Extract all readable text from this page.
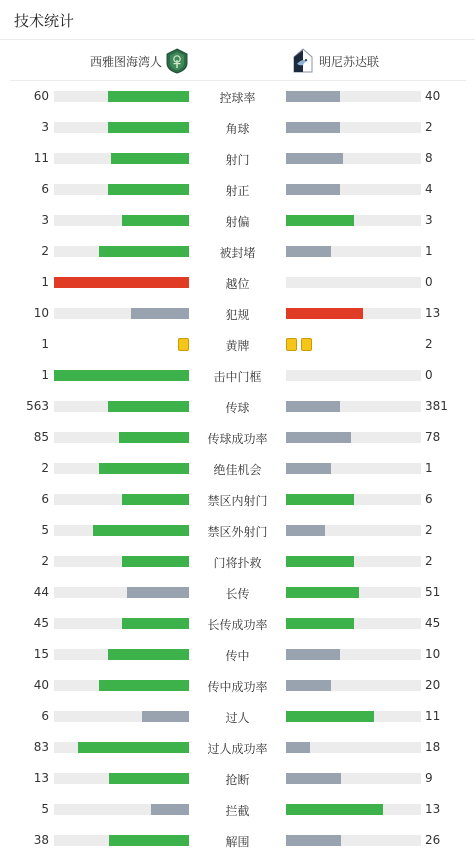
技术统计
西雅图海湾人	明尼苏达联
60	控球率	40
3	角球	2
11	射门	8
6	射正	4
3	射偏	3
2	被封堵	1
1	越位	0
10	犯规	13
1	黄牌	2
1	击中门框	0
563	传球	381
85	传球成功率	78
2	绝佳机会	1
6	禁区内射门	6
5	禁区外射门	2
2	门将扑救	2
44	长传	51
45	长传成功率	45
15	传中	10
40	传中成功率	20
6	过人	11
83	过人成功率	18
13	抢断	9
5	拦截	13
38	解围	26
